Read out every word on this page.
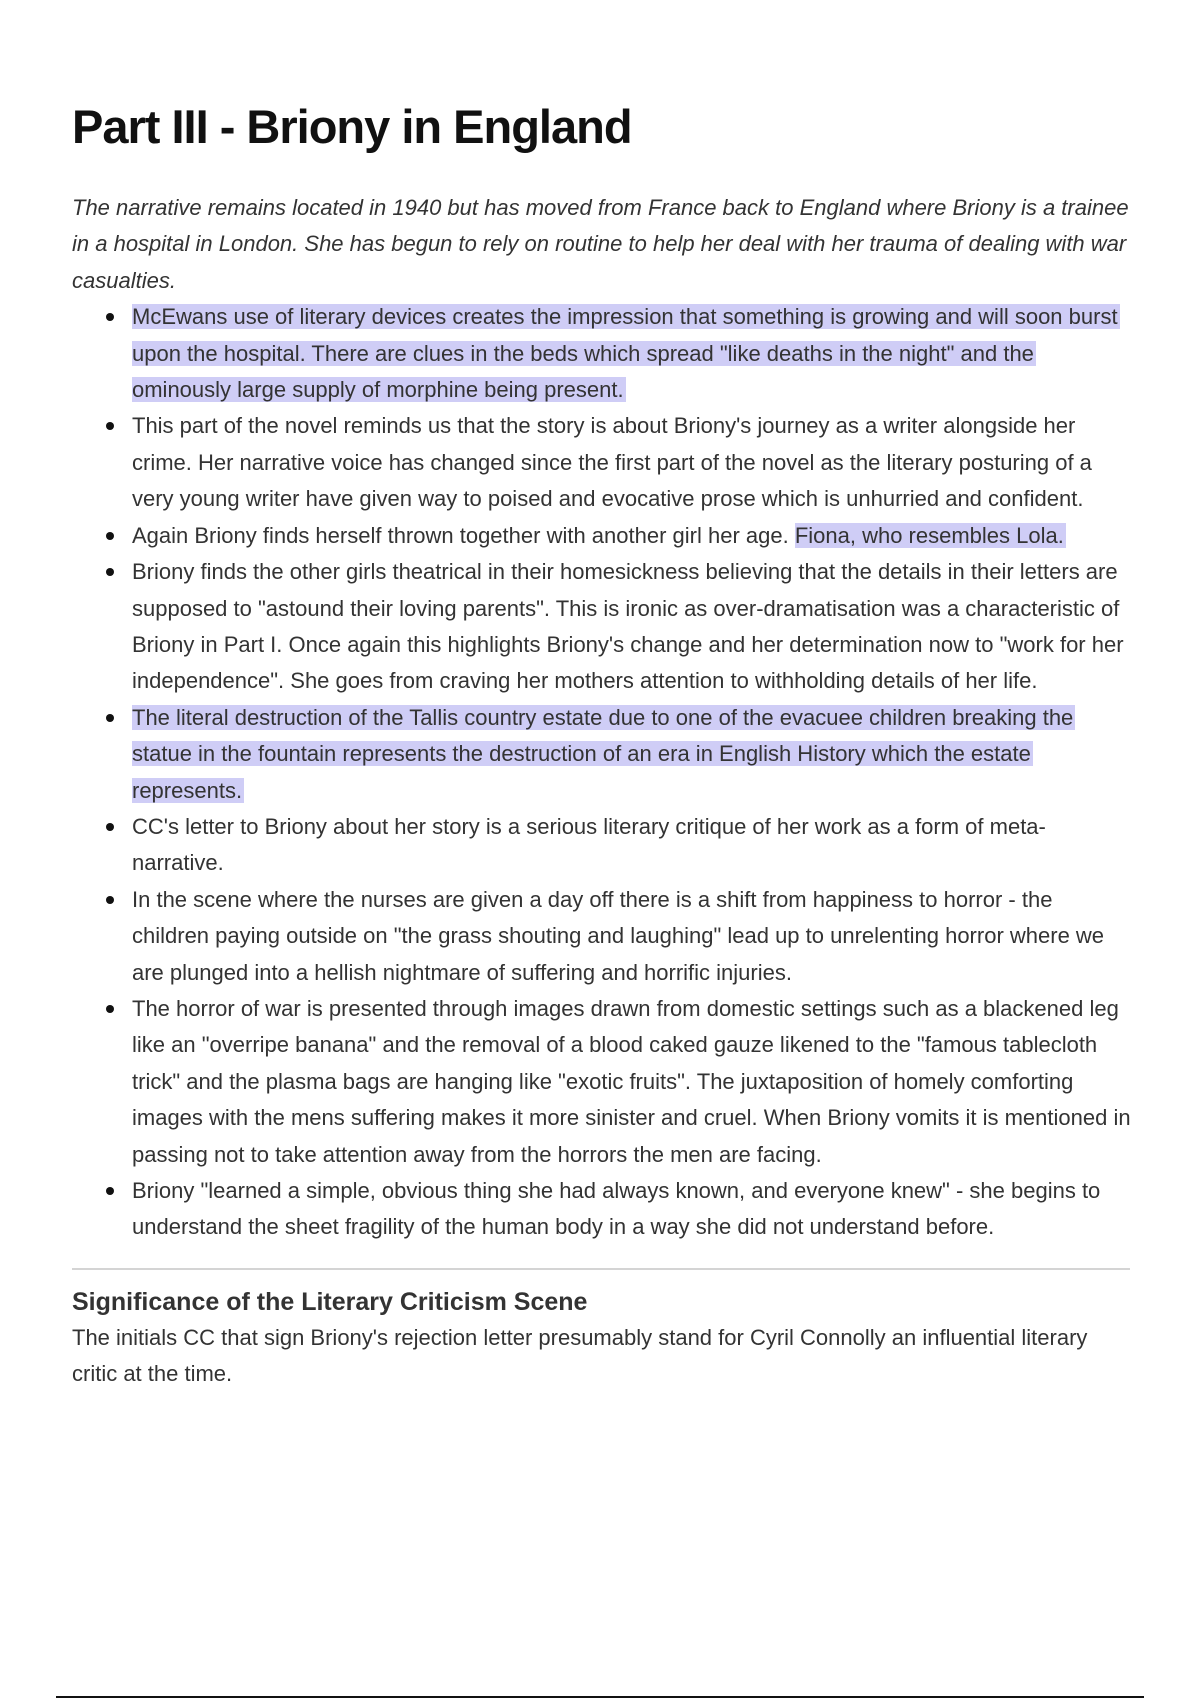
Part III - Briony in England

The narrative remains located in 1940 but has moved from France back to England where Briony is a trainee in a hospital in London. She has begun to rely on routine to help her deal with her trauma of dealing with war casualties.

McEwans use of literary devices creates the impression that something is growing and will soon burst upon the hospital. There are clues in the beds which spread "like deaths in the night" and the ominously large supply of morphine being present.
This part of the novel reminds us that the story is about Briony's journey as a writer alongside her crime. Her narrative voice has changed since the first part of the novel as the literary posturing of a very young writer have given way to poised and evocative prose which is unhurried and confident.
Again Briony finds herself thrown together with another girl her age. Fiona, who resembles Lola.
Briony finds the other girls theatrical in their homesickness believing that the details in their letters are supposed to "astound their loving parents". This is ironic as over-dramatisation was a characteristic of Briony in Part I. Once again this highlights Briony's change and her determination now to "work for her independence". She goes from craving her mothers attention to withholding details of her life.
The literal destruction of the Tallis country estate due to one of the evacuee children breaking the statue in the fountain represents the destruction of an era in English History which the estate represents.
CC's letter to Briony about her story is a serious literary critique of her work as a form of meta-narrative.
In the scene where the nurses are given a day off there is a shift from happiness to horror - the children paying outside on "the grass shouting and laughing" lead up to unrelenting horror where we are plunged into a hellish nightmare of suffering and horrific injuries.
The horror of war is presented through images drawn from domestic settings such as a blackened leg like an "overripe banana" and the removal of a blood caked gauze likened to the "famous tablecloth trick" and the plasma bags are hanging like "exotic fruits". The juxtaposition of homely comforting images with the mens suffering makes it more sinister and cruel. When Briony vomits it is mentioned in passing not to take attention away from the horrors the men are facing.
Briony "learned a simple, obvious thing she had always known, and everyone knew" - she begins to understand the sheet fragility of the human body in a way she did not understand before.
Significance of the Literary Criticism Scene

The initials CC that sign Briony's rejection letter presumably stand for Cyril Connolly an influential literary critic at the time.
